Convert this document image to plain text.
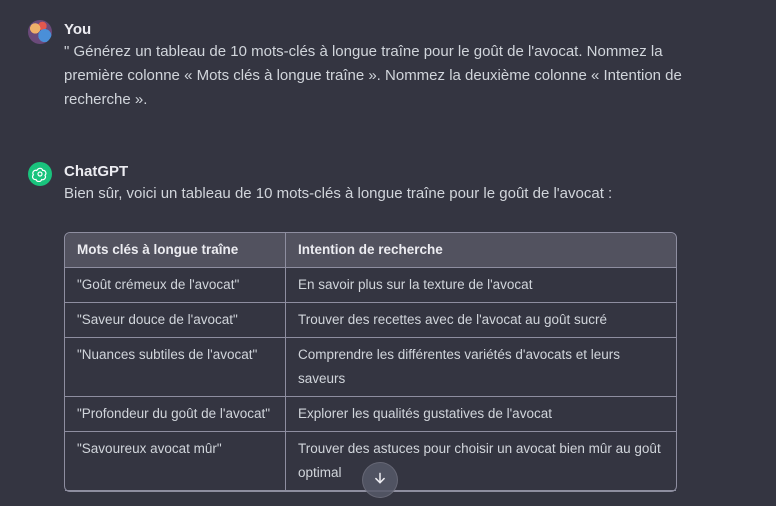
You
" Générez un tableau de 10 mots-clés à longue traîne pour le goût de l'avocat. Nommez la première colonne « Mots clés à longue traîne ». Nommez la deuxième colonne « Intention de recherche ».
ChatGPT
Bien sûr, voici un tableau de 10 mots-clés à longue traîne pour le goût de l'avocat :
Mots clés à longue traîne	Intention de recherche
"Goût crémeux de l'avocat"	En savoir plus sur la texture de l'avocat
"Saveur douce de l'avocat"	Trouver des recettes avec de l'avocat au goût sucré
"Nuances subtiles de l'avocat"	Comprendre les différentes variétés d'avocats et leurs saveurs
"Profondeur du goût de l'avocat"	Explorer les qualités gustatives de l'avocat
"Savoureux avocat mûr"	Trouver des astuces pour choisir un avocat bien mûr au goût optimal
